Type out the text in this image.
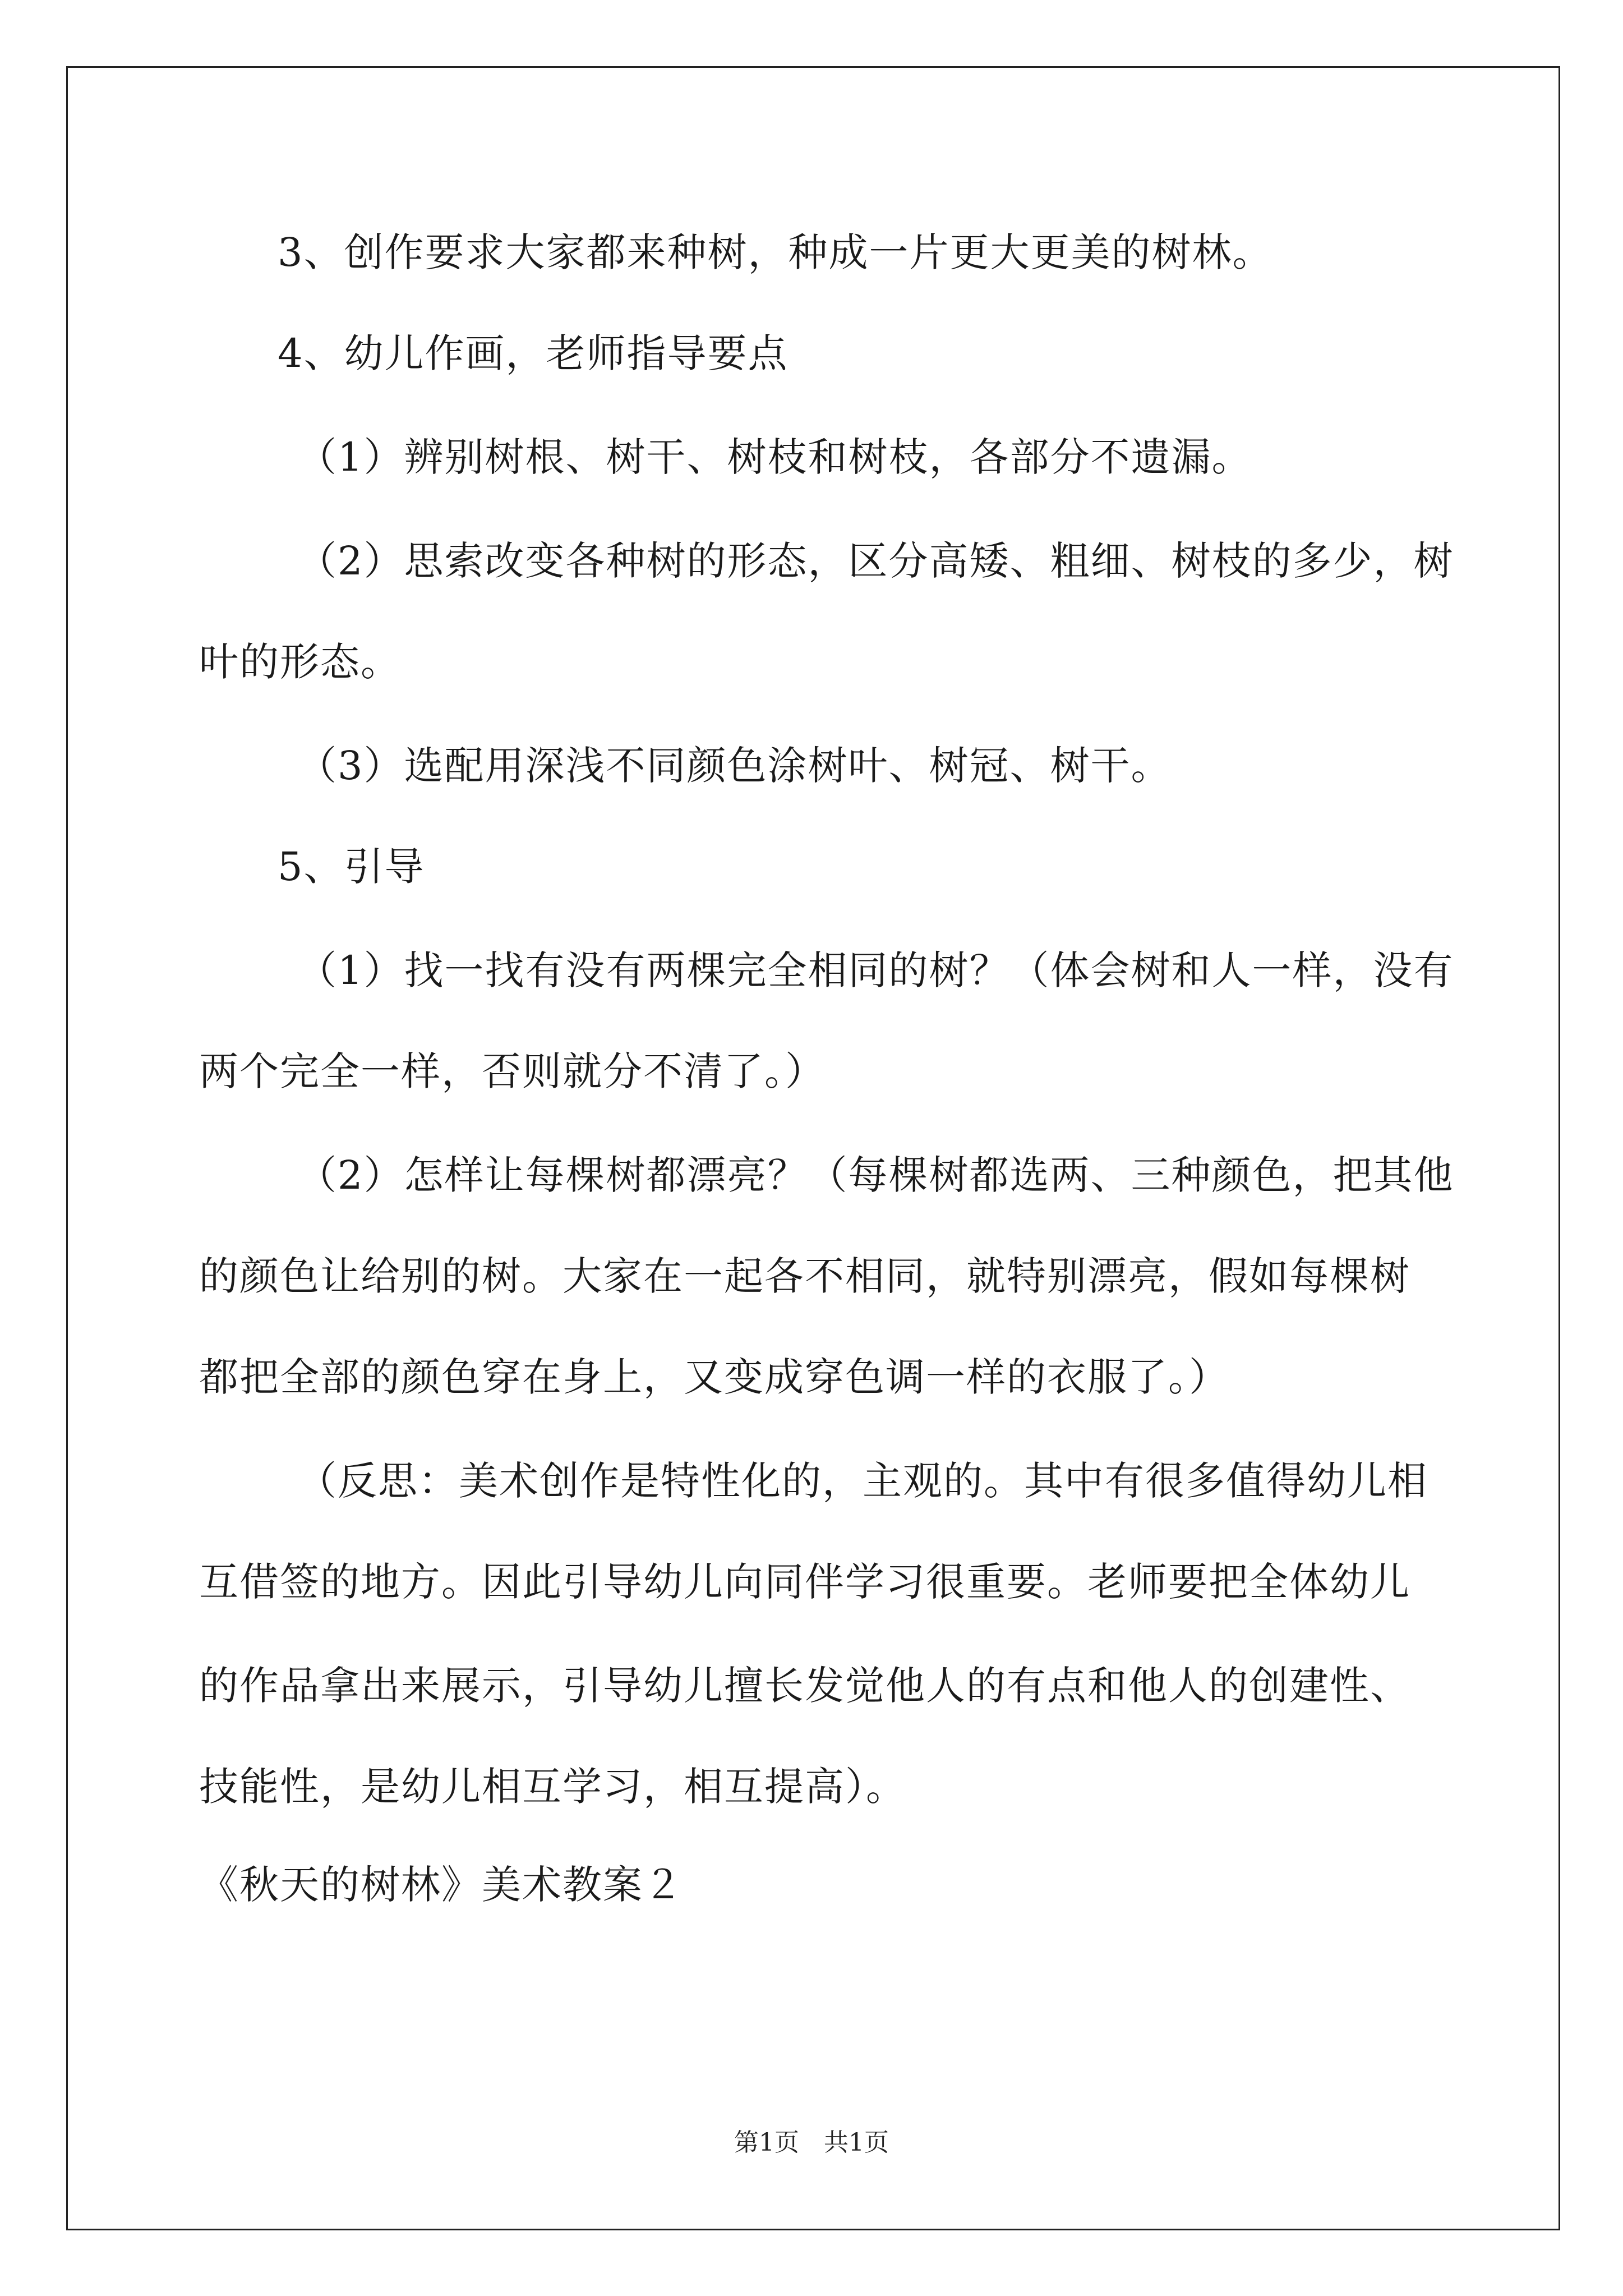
3、创作要求大家都来种树，种成一片更大更美的树林。
4、幼儿作画，老师指导要点
（1）辨别树根、树干、树枝和树枝，各部分不遗漏。
（2）思索改变各种树的形态，区分高矮、粗细、树枝的多少，树
叶的形态。
（3）选配用深浅不同颜色涂树叶、树冠、树干。
5、引导
（1）找一找有没有两棵完全相同的树？（体会树和人一样，没有
两个完全一样，否则就分不清了。）
（2）怎样让每棵树都漂亮？（每棵树都选两、三种颜色，把其他
的颜色让给别的树。大家在一起各不相同，就特别漂亮，假如每棵树
都把全部的颜色穿在身上，又变成穿色调一样的衣服了。）
（反思：美术创作是特性化的，主观的。其中有很多值得幼儿相
互借签的地方。因此引导幼儿向同伴学习很重要。老师要把全体幼儿
的作品拿出来展示，引导幼儿擅长发觉他人的有点和他人的创建性、
技能性，是幼儿相互学习，相互提高）。
《秋天的树林》美术教案２
第1页　共1页
